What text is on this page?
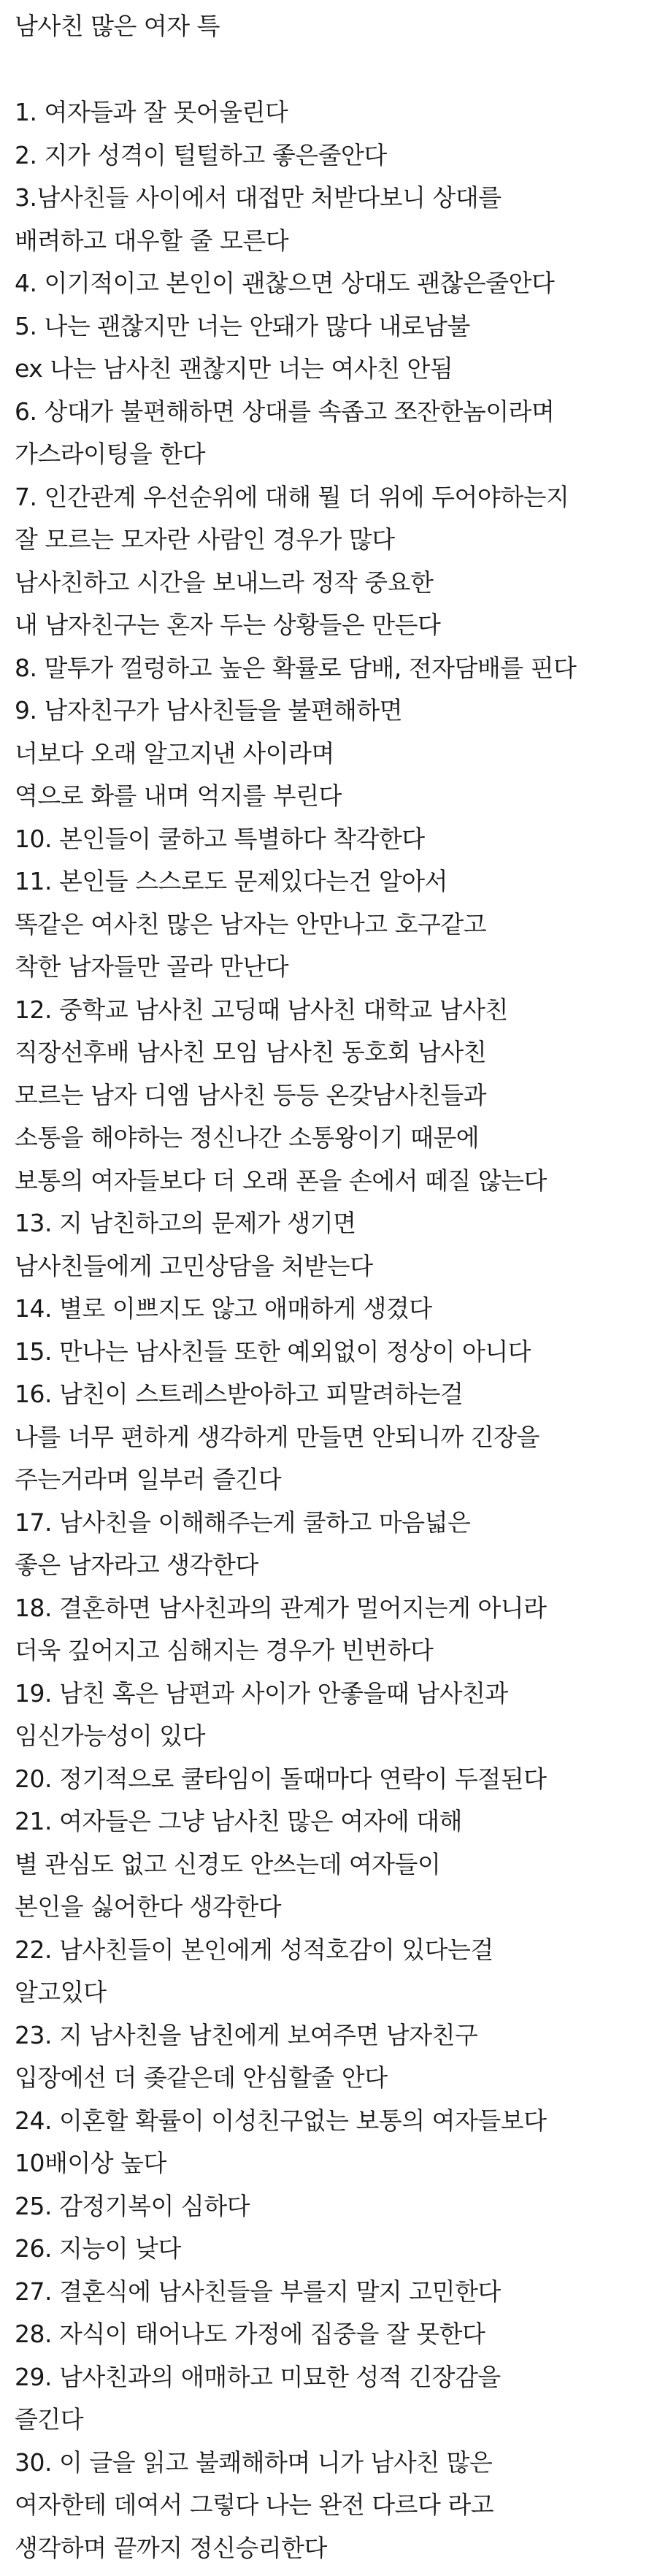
남사친 많은 여자 특
1. 여자들과 잘 못어울린다
2. 지가 성격이 털털하고 좋은줄안다
3.남사친들 사이에서 대접만 처받다보니 상대를
배려하고 대우할 줄 모른다
4. 이기적이고 본인이 괜찮으면 상대도 괜찮은줄안다
5. 나는 괜찮지만 너는 안돼가 많다 내로남불
ex 나는 남사친 괜찮지만 너는 여사친 안됨
6. 상대가 불편해하면 상대를 속좁고 쪼잔한놈이라며
가스라이팅을 한다
7. 인간관계 우선순위에 대해 뭘 더 위에 두어야하는지
잘 모르는 모자란 사람인 경우가 많다
남사친하고 시간을 보내느라 정작 중요한
내 남자친구는 혼자 두는 상황들은 만든다
8. 말투가 껄렁하고 높은 확률로 담배, 전자담배를 핀다
9. 남자친구가 남사친들을 불편해하면
너보다 오래 알고지낸 사이라며
역으로 화를 내며 억지를 부린다
10. 본인들이 쿨하고 특별하다 착각한다
11. 본인들 스스로도 문제있다는건 알아서
똑같은 여사친 많은 남자는 안만나고 호구같고
착한 남자들만 골라 만난다
12. 중학교 남사친 고딩때 남사친 대학교 남사친
직장선후배 남사친 모임 남사친 동호회 남사친
모르는 남자 디엠 남사친 등등 온갖남사친들과
소통을 해야하는 정신나간 소통왕이기 때문에
보통의 여자들보다 더 오래 폰을 손에서 떼질 않는다
13. 지 남친하고의 문제가 생기면
남사친들에게 고민상담을 처받는다
14. 별로 이쁘지도 않고 애매하게 생겼다
15. 만나는 남사친들 또한 예외없이 정상이 아니다
16. 남친이 스트레스받아하고 피말려하는걸
나를 너무 편하게 생각하게 만들면 안되니까 긴장을
주는거라며 일부러 즐긴다
17. 남사친을 이해해주는게 쿨하고 마음넓은
좋은 남자라고 생각한다
18. 결혼하면 남사친과의 관계가 멀어지는게 아니라
더욱 깊어지고 심해지는 경우가 빈번하다
19. 남친 혹은 남편과 사이가 안좋을때 남사친과
임신가능성이 있다
20. 정기적으로 쿨타임이 돌때마다 연락이 두절된다
21. 여자들은 그냥 남사친 많은 여자에 대해
별 관심도 없고 신경도 안쓰는데 여자들이
본인을 싫어한다 생각한다
22. 남사친들이 본인에게 성적호감이 있다는걸
알고있다
23. 지 남사친을 남친에게 보여주면 남자친구
입장에선 더 좆같은데 안심할줄 안다
24. 이혼할 확률이 이성친구없는 보통의 여자들보다
10배이상 높다
25. 감정기복이 심하다
26. 지능이 낮다
27. 결혼식에 남사친들을 부를지 말지 고민한다
28. 자식이 태어나도 가정에 집중을 잘 못한다
29. 남사친과의 애매하고 미묘한 성적 긴장감을
즐긴다
30. 이 글을 읽고 불쾌해하며 니가 남사친 많은
여자한테 데여서 그렇다 나는 완전 다르다 라고
생각하며 끝까지 정신승리한다
